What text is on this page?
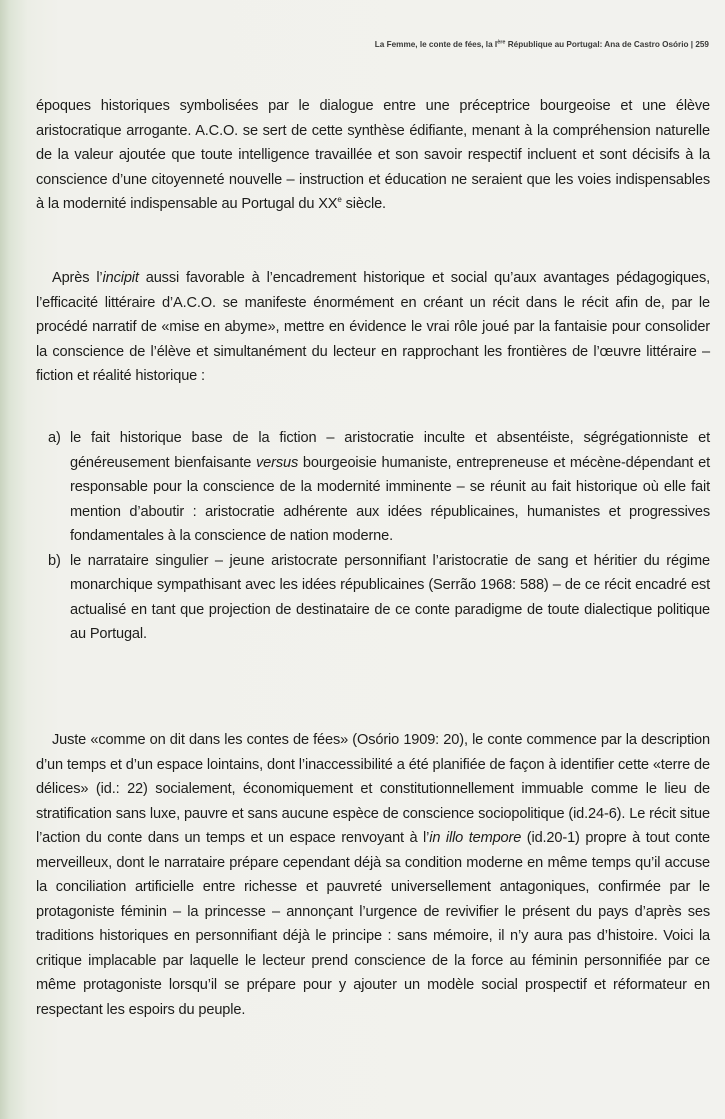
La Femme, le conte de fées, la Ière République au Portugal: Ana de Castro Osório | 259

époques historiques symbolisées par le dialogue entre une préceptrice bourgeoise et une élève aristocratique arrogante. A.C.O. se sert de cette synthèse édifiante, menant à la compréhension naturelle de la valeur ajoutée que toute intelligence travaillée et son savoir respectif incluent et sont décisifs à la conscience d’une citoyenneté nouvelle – instruction et éducation ne seraient que les voies indispensables à la modernité indispensable au Portugal du XXe siècle.

Après l’incipit aussi favorable à l’encadrement historique et social qu’aux avantages pédagogiques, l’efficacité littéraire d’A.C.O. se manifeste énormément en créant un récit dans le récit afin de, par le procédé narratif de «mise en abyme», mettre en évidence le vrai rôle joué par la fantaisie pour consolider la conscience de l’élève et simultanément du lecteur en rapprochant les frontières de l’œuvre littéraire – fiction et réalité historique :

a) le fait historique base de la fiction – aristocratie inculte et absentéiste, ségrégationniste et généreusement bienfaisante versus bourgeoisie humaniste, entrepreneuse et mécène-dépendant et responsable pour la conscience de la modernité imminente – se réunit au fait historique où elle fait mention d’aboutir : aristocratie adhérente aux idées républicaines, humanistes et progressives fondamentales à la conscience de nation moderne.
b) le narrataire singulier – jeune aristocrate personnifiant l’aristocratie de sang et héritier du régime monarchique sympathisant avec les idées républicaines (Serrão 1968: 588) – de ce récit encadré est actualisé en tant que projection de destinataire de ce conte paradigme de toute dialectique politique au Portugal.

Juste «comme on dit dans les contes de fées» (Osório 1909: 20), le conte commence par la description d’un temps et d’un espace lointains, dont l’inaccessibilité a été planifiée de façon à identifier cette «terre de délices» (id.: 22) socialement, économiquement et constitutionnellement immuable comme le lieu de stratification sans luxe, pauvre et sans aucune espèce de conscience sociopolitique (id.24-6). Le récit situe l’action du conte dans un temps et un espace renvoyant à l’in illo tempore (id.20-1) propre à tout conte merveilleux, dont le narrataire prépare cependant déjà sa condition moderne en même temps qu’il accuse la conciliation artificielle entre richesse et pauvreté universellement antagoniques, confirmée par le protagoniste féminin – la princesse – annonçant l’urgence de revivifier le présent du pays d’après ses traditions historiques en personnifiant déjà le principe : sans mémoire, il n’y aura pas d’histoire. Voici la critique implacable par laquelle le lecteur prend conscience de la force au féminin personnifiée par ce même protagoniste lorsqu’il se prépare pour y ajouter un modèle social prospectif et réformateur en respectant les espoirs du peuple.
